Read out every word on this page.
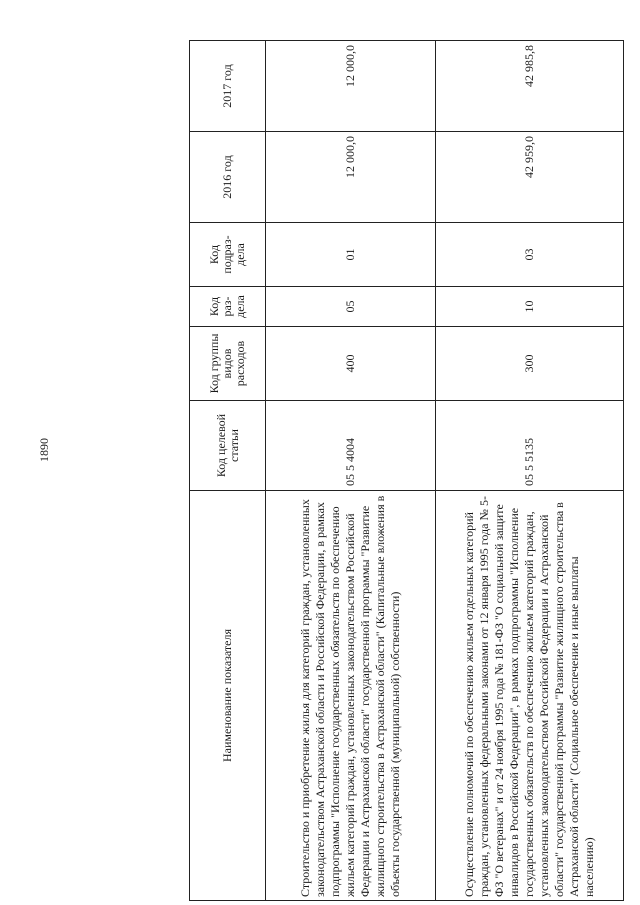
1890
Наименование показателя	Код целевой статьи	Код группы видов расходов	Код раз-дела	Код подраз-дела	2016 год	2017 год
Строительство и приобретение жилья для категорий граждан, установленных законодательством Астраханской области и Российской Федерации, в рамках подпрограммы "Исполнение государственных обязательств по обеспечению жильем категорий граждан, установленных законодательством Российской Федерации и Астраханской области" государственной программы "Развитие жилищного строительства в Астраханской области" (Капитальные вложения в объекты государственной (муниципальной) собственности)	05 5 4004	400	05	01	12 000,0	12 000,0
Осуществление полномочий по обеспечению жильем отдельных категорий граждан, установленных федеральными законами от 12 января 1995 года № 5-ФЗ "О ветеранах" и от 24 ноября 1995 года № 181-ФЗ "О социальной защите инвалидов в Российской Федерации", в рамках подпрограммы "Исполнение государственных обязательств по обеспечению жильем категорий граждан, установленных законодательством Российской Федерации и Астраханской области" государственной программы "Развитие жилищного строительства в Астраханской области" (Социальное обеспечение и иные выплаты населению)	05 5 5135	300	10	03	42 959,0	42 985,8
